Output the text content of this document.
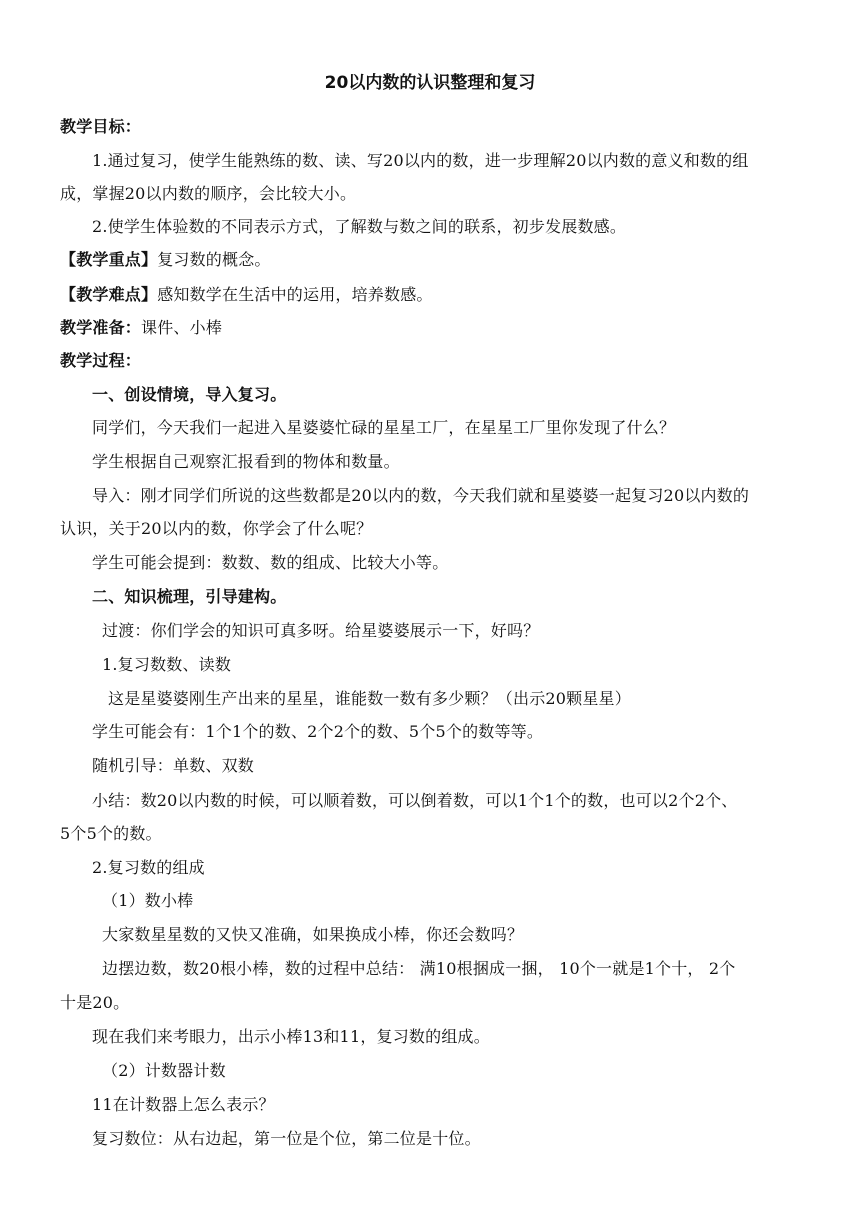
20以内数的认识整理和复习
教学目标：
1.通过复习，使学生能熟练的数、读、写20以内的数，进一步理解20以内数的意义和数的组
成，掌握20以内数的顺序，会比较大小。
2.使学生体验数的不同表示方式，了解数与数之间的联系，初步发展数感。
【教学重点】复习数的概念。
【教学难点】感知数学在生活中的运用，培养数感。
教学准备：课件、小棒
教学过程：
一、创设情境，导入复习。
同学们，今天我们一起进入星婆婆忙碌的星星工厂，在星星工厂里你发现了什么？
学生根据自己观察汇报看到的物体和数量。
导入：刚才同学们所说的这些数都是20以内的数，今天我们就和星婆婆一起复习20以内数的
认识，关于20以内的数，你学会了什么呢？
学生可能会提到：数数、数的组成、比较大小等。
二、知识梳理，引导建构。
过渡：你们学会的知识可真多呀。给星婆婆展示一下，好吗？
1.复习数数、读数
这是星婆婆刚生产出来的星星，谁能数一数有多少颗？（出示20颗星星）
学生可能会有：1个1个的数、2个2个的数、5个5个的数等等。
随机引导：单数、双数
小结：数20以内数的时候，可以顺着数，可以倒着数，可以1个1个的数，也可以2个2个、
5个5个的数。
2.复习数的组成
（1）数小棒
大家数星星数的又快又准确，如果换成小棒，你还会数吗？
边摆边数，数20根小棒，数的过程中总结： 满10根捆成一捆， 10个一就是1个十， 2个
十是20。
现在我们来考眼力，出示小棒13和11，复习数的组成。
（2）计数器计数
11在计数器上怎么表示？
复习数位：从右边起，第一位是个位，第二位是十位。
